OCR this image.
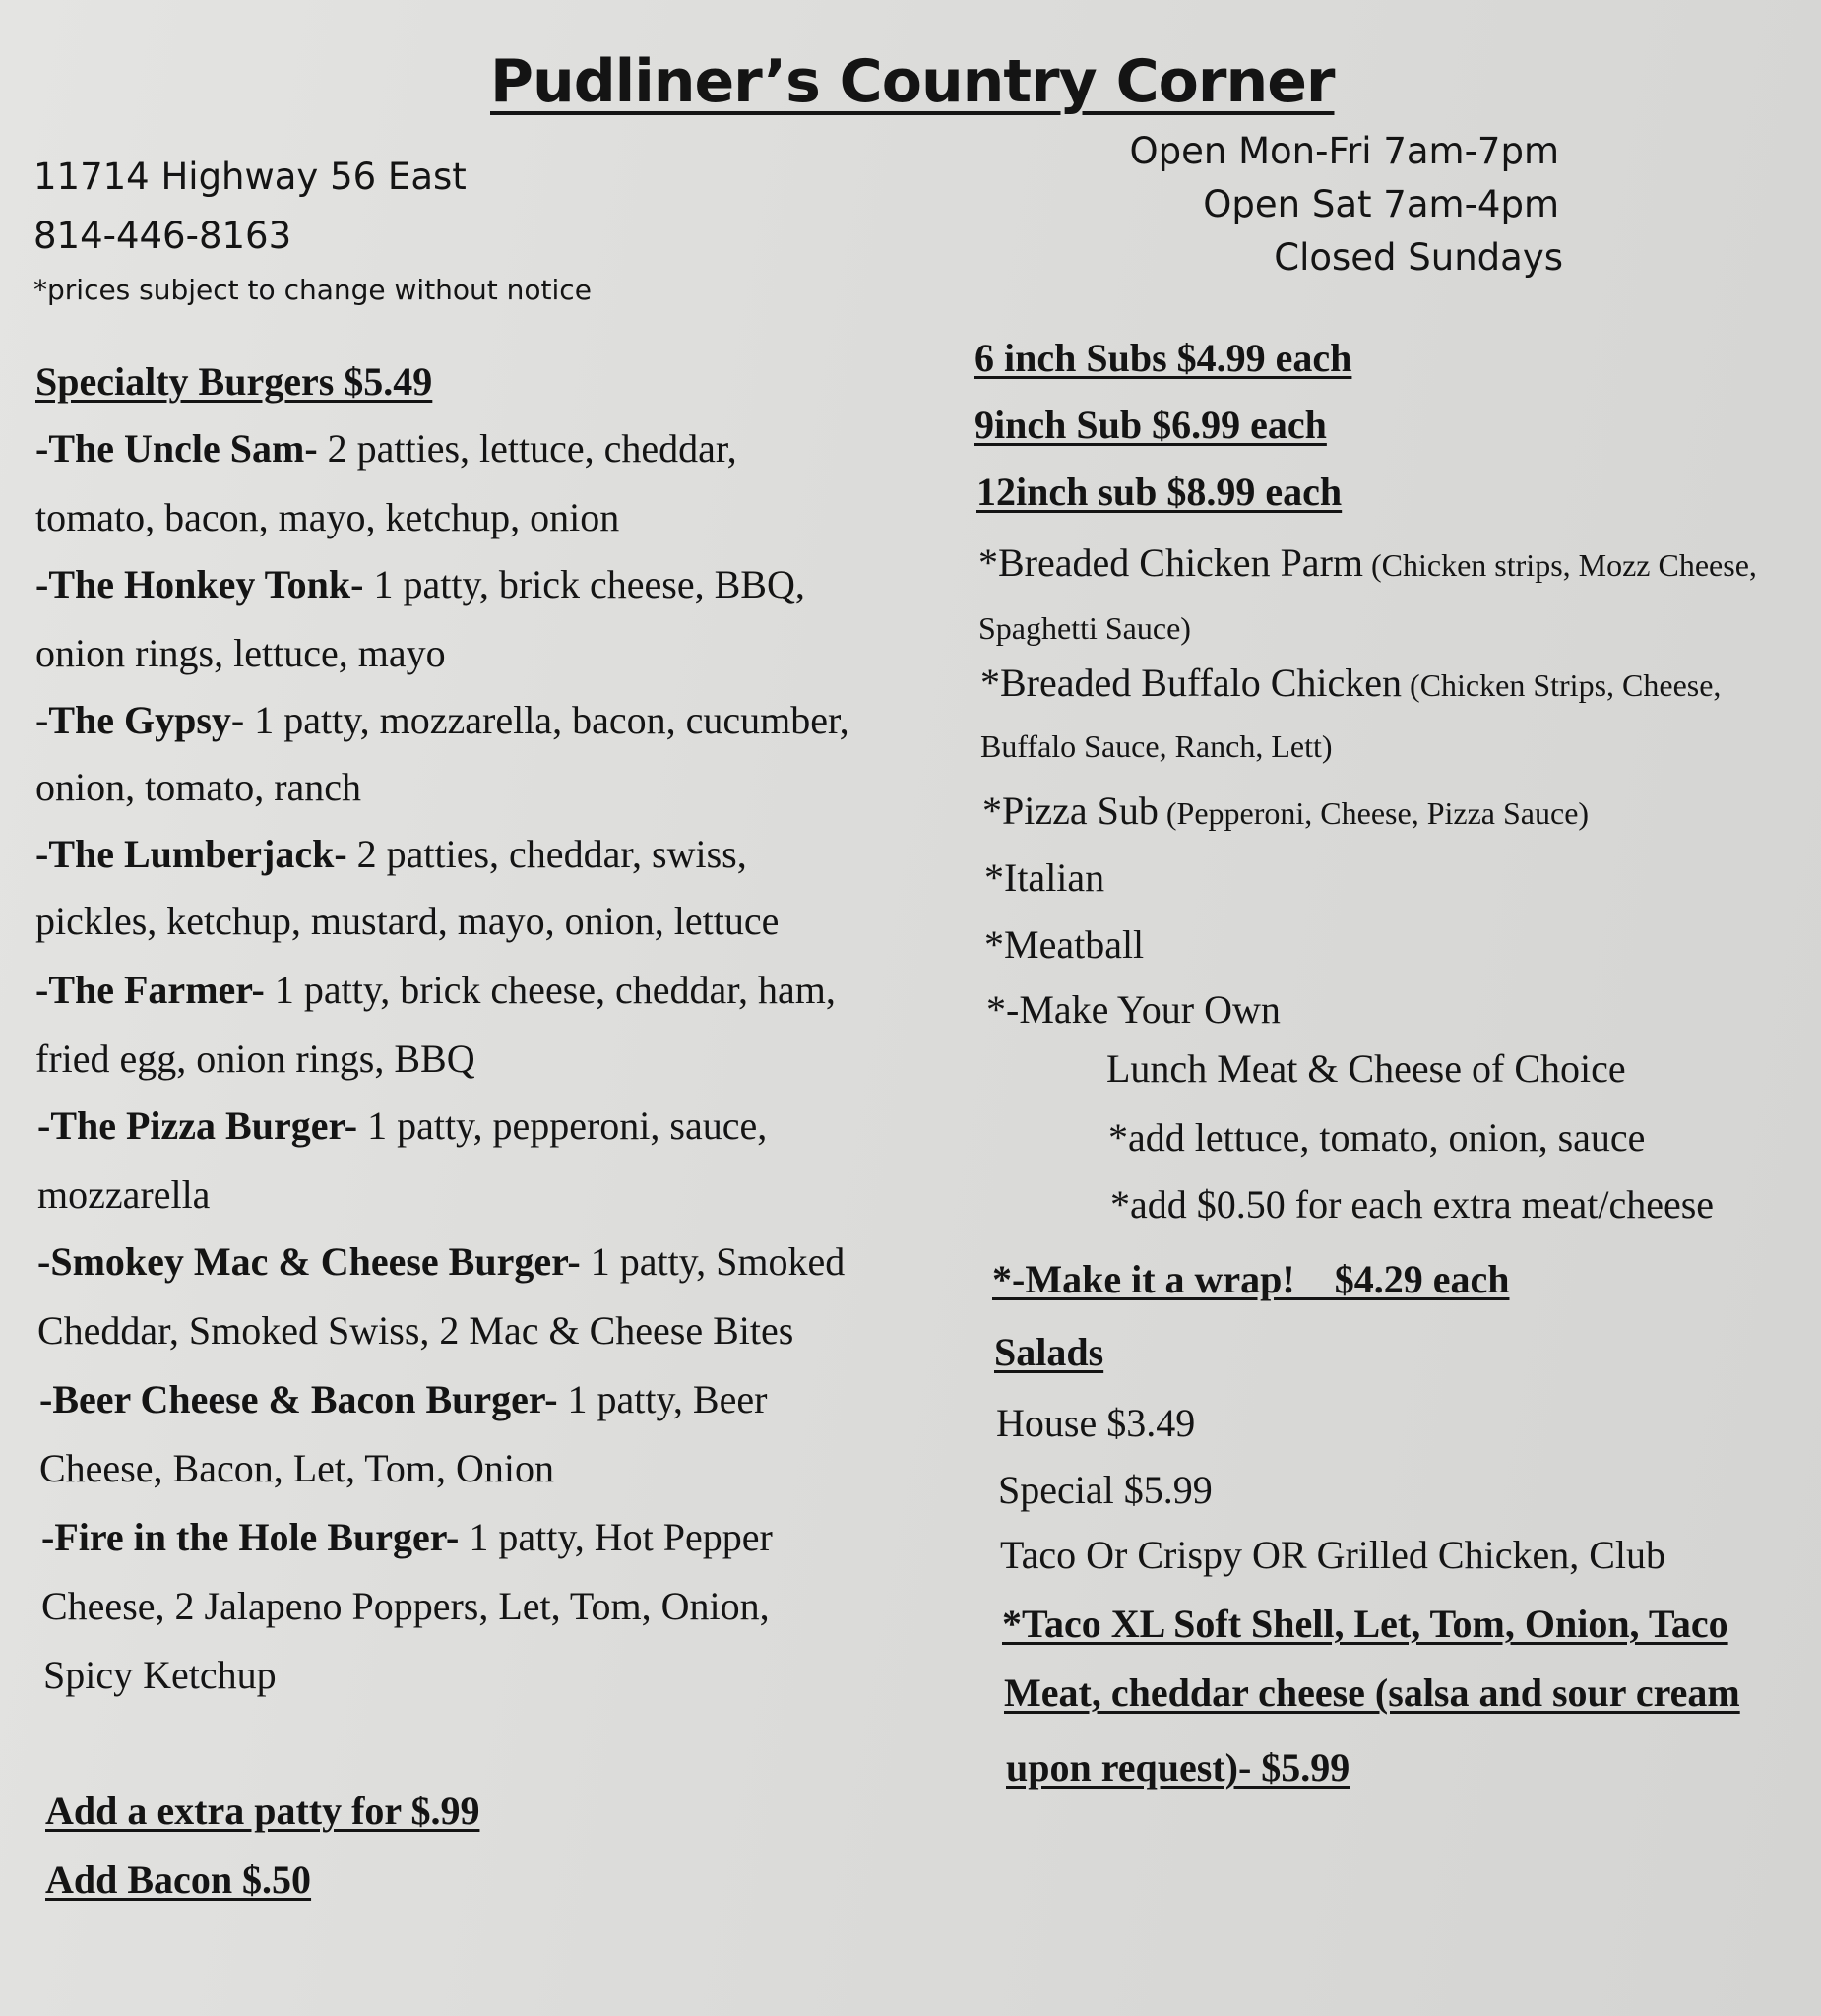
Pudliner’s Country Corner
11714 Highway 56 East
814-446-8163
*prices subject to change without notice
Open Mon-Fri 7am-7pm
Open Sat 7am-4pm
Closed Sundays
Specialty Burgers $5.49
-The Uncle Sam- 2 patties, lettuce, cheddar,
tomato, bacon, mayo, ketchup, onion
-The Honkey Tonk- 1 patty, brick cheese, BBQ,
onion rings, lettuce, mayo
-The Gypsy- 1 patty, mozzarella, bacon, cucumber,
onion, tomato, ranch
-The Lumberjack- 2 patties, cheddar, swiss,
pickles, ketchup, mustard, mayo, onion, lettuce
-The Farmer- 1 patty, brick cheese, cheddar, ham,
fried egg, onion rings, BBQ
-The Pizza Burger- 1 patty, pepperoni, sauce,
mozzarella
-Smokey Mac & Cheese Burger- 1 patty, Smoked
Cheddar, Smoked Swiss, 2 Mac & Cheese Bites
-Beer Cheese & Bacon Burger- 1 patty, Beer
Cheese, Bacon, Let, Tom, Onion
-Fire in the Hole Burger- 1 patty, Hot Pepper
Cheese, 2 Jalapeno Poppers, Let, Tom, Onion,
Spicy Ketchup
Add a extra patty for $.99
Add Bacon $.50
6 inch Subs $4.99 each
9inch Sub $6.99 each
12inch sub $8.99 each
*Breaded Chicken Parm (Chicken strips, Mozz Cheese,
Spaghetti Sauce)
*Breaded Buffalo Chicken (Chicken Strips, Cheese,
Buffalo Sauce, Ranch, Lett)
*Pizza Sub (Pepperoni, Cheese, Pizza Sauce)
*Italian
*Meatball
*-Make Your Own
Lunch Meat & Cheese of Choice
*add lettuce, tomato, onion, sauce
*add $0.50 for each extra meat/cheese
*-Make it a wrap!    $4.29 each
Salads
House $3.49
Special $5.99
Taco Or Crispy OR Grilled Chicken, Club
*Taco XL Soft Shell, Let, Tom, Onion, Taco
Meat, cheddar cheese (salsa and sour cream
upon request)- $5.99
